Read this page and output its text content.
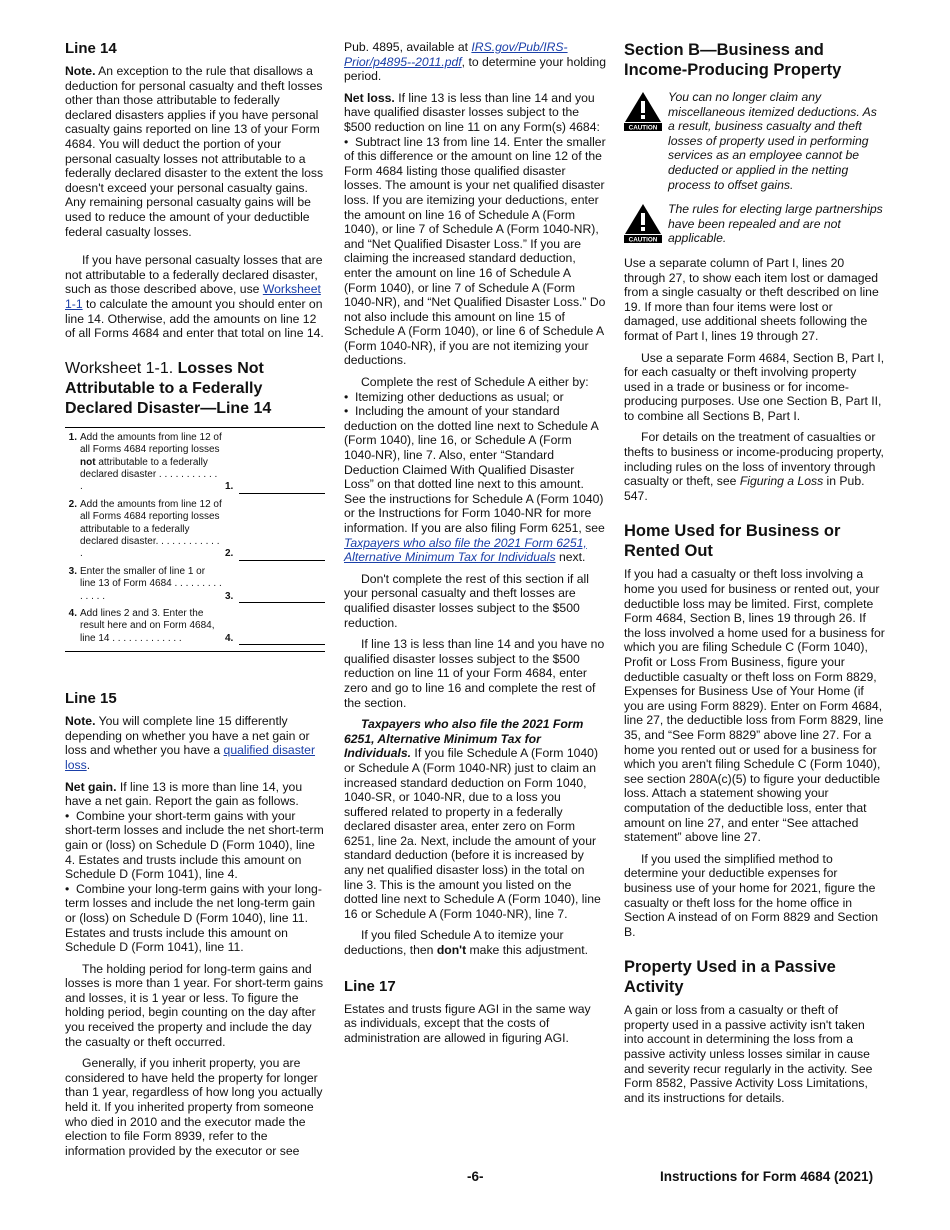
Line 14

Note. An exception to the rule that disallows a deduction for personal casualty and theft losses other than those attributable to federally declared disasters applies if you have personal casualty gains reported on line 13 of your Form 4684. You will deduct the portion of your personal casualty losses not attributable to a federally declared disaster to the extent the loss doesn't exceed your personal casualty gains. Any remaining personal casualty gains will be used to reduce the amount of your deductible federal casualty losses.

If you have personal casualty losses that are not attributable to a federally declared disaster, such as those described above, use Worksheet 1-1 to calculate the amount you should enter on line 14. Otherwise, add the amounts on line 12 of all Forms 4684 and enter that total on line 14.

Worksheet 1-1. Losses Not Attributable to a Federally Declared Disaster—Line 14
1. Add the amounts from line 12 of all Forms 4684 reporting losses not attributable to a federally declared disaster . . . . . . . . . . . .	1.
2. Add the amounts from line 12 of all Forms 4684 reporting losses attributable to a federally declared disaster. . . . . . . . . . . . .	2.
3. Enter the smaller of line 1 or line 13 of Form 4684 . . . . . . . . . . . . . .	3.
4. Add lines 2 and 3. Enter the result here and on Form 4684, line 14 . . . . . . . . . . . . .	4.
Line 15

Note. You will complete line 15 differently depending on whether you have a net gain or loss and whether you have a qualified disaster loss.

Net gain. If line 13 is more than line 14, you have a net gain. Report the gain as follows.

• Combine your short-term gains with your short-term losses and include the net short-term gain or (loss) on Schedule D (Form 1040), line 4. Estates and trusts include this amount on Schedule D (Form 1041), line 4.

• Combine your long-term gains with your long-term losses and include the net long-term gain or (loss) on Schedule D (Form 1040), line 11. Estates and trusts include this amount on Schedule D (Form 1041), line 11.

The holding period for long-term gains and losses is more than 1 year. For short-term gains and losses, it is 1 year or less. To figure the holding period, begin counting on the day after you received the property and include the day the casualty or theft occurred.

Generally, if you inherit property, you are considered to have held the property for longer than 1 year, regardless of how long you actually held it. If you inherited property from someone who died in 2010 and the executor made the election to file Form 8939, refer to the information provided by the executor or see

Pub. 4895, available at IRS.gov/Pub/IRS-Prior/p4895--2011.pdf, to determine your holding period.

Net loss. If line 13 is less than line 14 and you have qualified disaster losses subject to the $500 reduction on line 11 on any Form(s) 4684:

• Subtract line 13 from line 14. Enter the smaller of this difference or the amount on line 12 of the Form 4684 listing those qualified disaster losses. The amount is your net qualified disaster loss. If you are itemizing your deductions, enter the amount on line 16 of Schedule A (Form 1040), or line 7 of Schedule A (Form 1040-NR), and “Net Qualified Disaster Loss.” If you are claiming the increased standard deduction, enter the amount on line 16 of Schedule A (Form 1040), or line 7 of Schedule A (Form 1040-NR), and “Net Qualified Disaster Loss.” Do not also include this amount on line 15 of Schedule A (Form 1040), or line 6 of Schedule A (Form 1040-NR), if you are not itemizing your deductions.

Complete the rest of Schedule A either by:

• Itemizing other deductions as usual; or

• Including the amount of your standard deduction on the dotted line next to Schedule A (Form 1040), line 16, or Schedule A (Form 1040-NR), line 7. Also, enter “Standard Deduction Claimed With Qualified Disaster Loss” on that dotted line next to this amount. See the instructions for Schedule A (Form 1040) or the Instructions for Form 1040-NR for more information. If you are also filing Form 6251, see Taxpayers who also file the 2021 Form 6251, Alternative Minimum Tax for Individuals next.

Don't complete the rest of this section if all your personal casualty and theft losses are qualified disaster losses subject to the $500 reduction.

If line 13 is less than line 14 and you have no qualified disaster losses subject to the $500 reduction on line 11 of your Form 4684, enter zero and go to line 16 and complete the rest of the section.

Taxpayers who also file the 2021 Form 6251, Alternative Minimum Tax for Individuals. If you file Schedule A (Form 1040) or Schedule A (Form 1040-NR) just to claim an increased standard deduction on Form 1040, 1040-SR, or 1040-NR, due to a loss you suffered related to property in a federally declared disaster area, enter zero on Form 6251, line 2a. Next, include the amount of your standard deduction (before it is increased by any net qualified disaster loss) in the total on line 3. This is the amount you listed on the dotted line next to Schedule A (Form 1040), line 16 or Schedule A (Form 1040-NR), line 7.

If you filed Schedule A to itemize your deductions, then don't make this adjustment.

Line 17

Estates and trusts figure AGI in the same way as individuals, except that the costs of administration are allowed in figuring AGI.

Section B—Business and Income-Producing Property
CAUTION
You can no longer claim any miscellaneous itemized deductions. As a result, business casualty and theft losses of property used in performing services as an employee cannot be deducted or applied in the netting process to offset gains.
CAUTION
The rules for electing large partnerships have been repealed and are not applicable.

Use a separate column of Part I, lines 20 through 27, to show each item lost or damaged from a single casualty or theft described on line 19. If more than four items were lost or damaged, use additional sheets following the format of Part I, lines 19 through 27.

Use a separate Form 4684, Section B, Part I, for each casualty or theft involving property used in a trade or business or for income-producing purposes. Use one Section B, Part II, to combine all Sections B, Part I.

For details on the treatment of casualties or thefts to business or income-producing property, including rules on the loss of inventory through casualty or theft, see Figuring a Loss in Pub. 547.

Home Used for Business or Rented Out

If you had a casualty or theft loss involving a home you used for business or rented out, your deductible loss may be limited. First, complete Form 4684, Section B, lines 19 through 26. If the loss involved a home used for a business for which you are filing Schedule C (Form 1040), Profit or Loss From Business, figure your deductible casualty or theft loss on Form 8829, Expenses for Business Use of Your Home (if you are using Form 8829). Enter on Form 4684, line 27, the deductible loss from Form 8829, line 35, and “See Form 8829” above line 27. For a home you rented out or used for a business for which you aren't filing Schedule C (Form 1040), see section 280A(c)(5) to figure your deductible loss. Attach a statement showing your computation of the deductible loss, enter that amount on line 27, and enter “See attached statement” above line 27.

If you used the simplified method to determine your deductible expenses for business use of your home for 2021, figure the casualty or theft loss for the home office in Section A instead of on Form 8829 and Section B.

Property Used in a Passive Activity

A gain or loss from a casualty or theft of property used in a passive activity isn't taken into account in determining the loss from a passive activity unless losses similar in cause and severity recur regularly in the activity. See Form 8582, Passive Activity Loss Limitations, and its instructions for details.

-6-	Instructions for Form 4684 (2021)
